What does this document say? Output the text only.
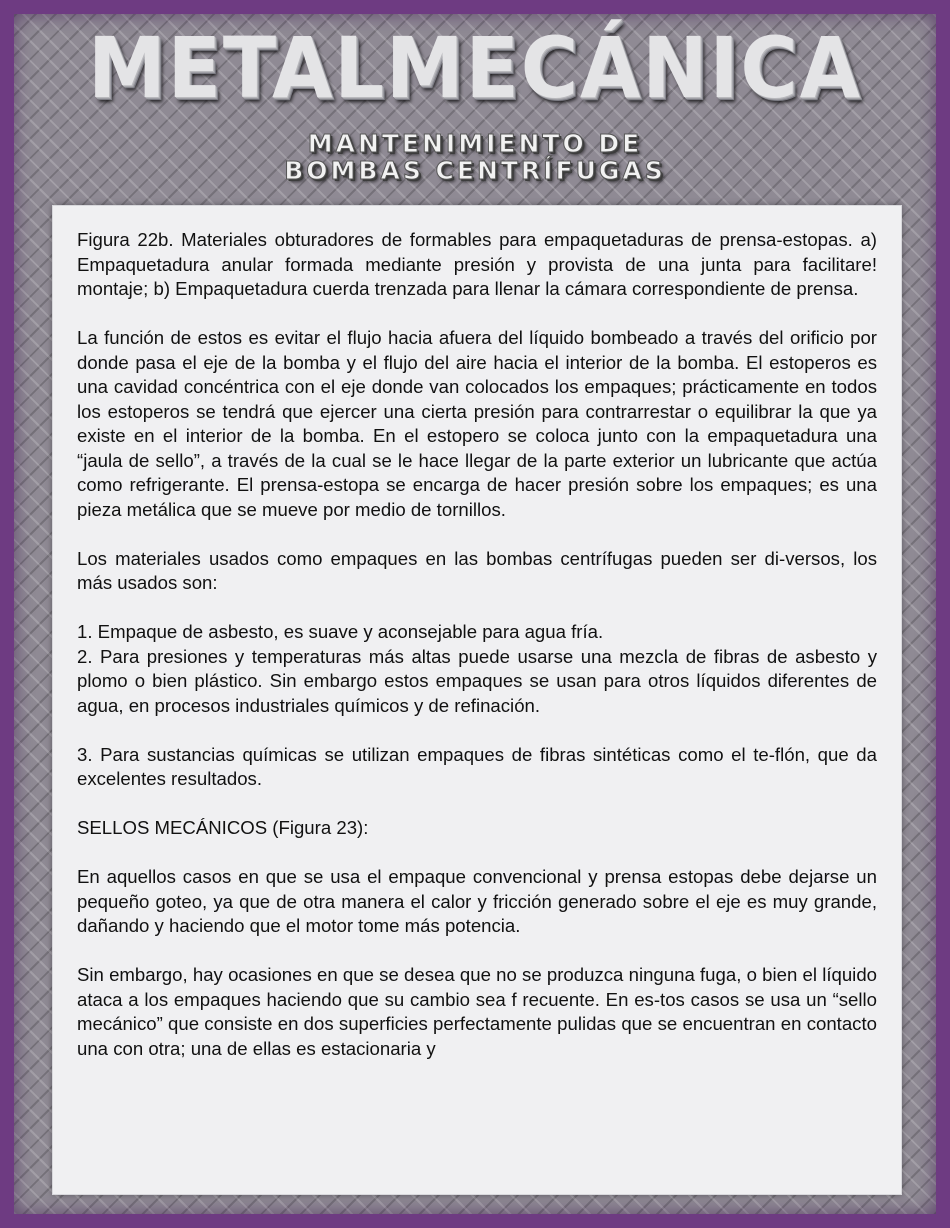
METALMECÁNICA
MANTENIMIENTO DE
BOMBAS CENTRÍFUGAS

Figura 22b. Materiales obturadores de formables para empaquetaduras de prensa-estopas. a) Empaquetadura anular formada mediante presión y provista de una junta para facilitare! montaje; b) Empaquetadura cuerda trenzada para llenar la cámara correspondiente de prensa.

La función de estos es evitar el flujo hacia afuera del líquido bombeado a través del orificio por donde pasa el eje de la bomba y el flujo del aire hacia el interior de la bomba. El estoperos es una cavidad concéntrica con el eje donde van colocados los empaques; prácticamente en todos los estoperos se tendrá que ejercer una cierta presión para contrarrestar o equilibrar la que ya existe en el interior de la bomba. En el estopero se coloca junto con la empaquetadura una “jaula de sello”, a través de la cual se le hace llegar de la parte exterior un lubricante que actúa como refrigerante. El prensa-estopa se encarga de hacer presión sobre los empaques; es una pieza metálica que se mueve por medio de tornillos.

Los materiales usados como empaques en las bombas centrífugas pueden ser di-versos, los más usados son:

1. Empaque de asbesto, es suave y aconsejable para agua fría.

2. Para presiones y temperaturas más altas puede usarse una mezcla de fibras de asbesto y plomo o bien plástico. Sin embargo estos empaques se usan para otros líquidos diferentes de agua, en procesos industriales químicos y de refinación.

3. Para sustancias químicas se utilizan empaques de fibras sintéticas como el te-flón, que da excelentes resultados.

SELLOS MECÁNICOS (Figura 23):

En aquellos casos en que se usa el empaque convencional y prensa estopas debe dejarse un pequeño goteo, ya que de otra manera el calor y fricción generado sobre el eje es muy grande, dañando y haciendo que el motor tome más potencia.

Sin embargo, hay ocasiones en que se desea que no se produzca ninguna fuga, o bien el líquido ataca a los empaques haciendo que su cambio sea f recuente. En es-tos casos se usa un “sello mecánico” que consiste en dos superficies perfectamente pulidas que se encuentran en contacto una con otra; una de ellas es estacionaria y
